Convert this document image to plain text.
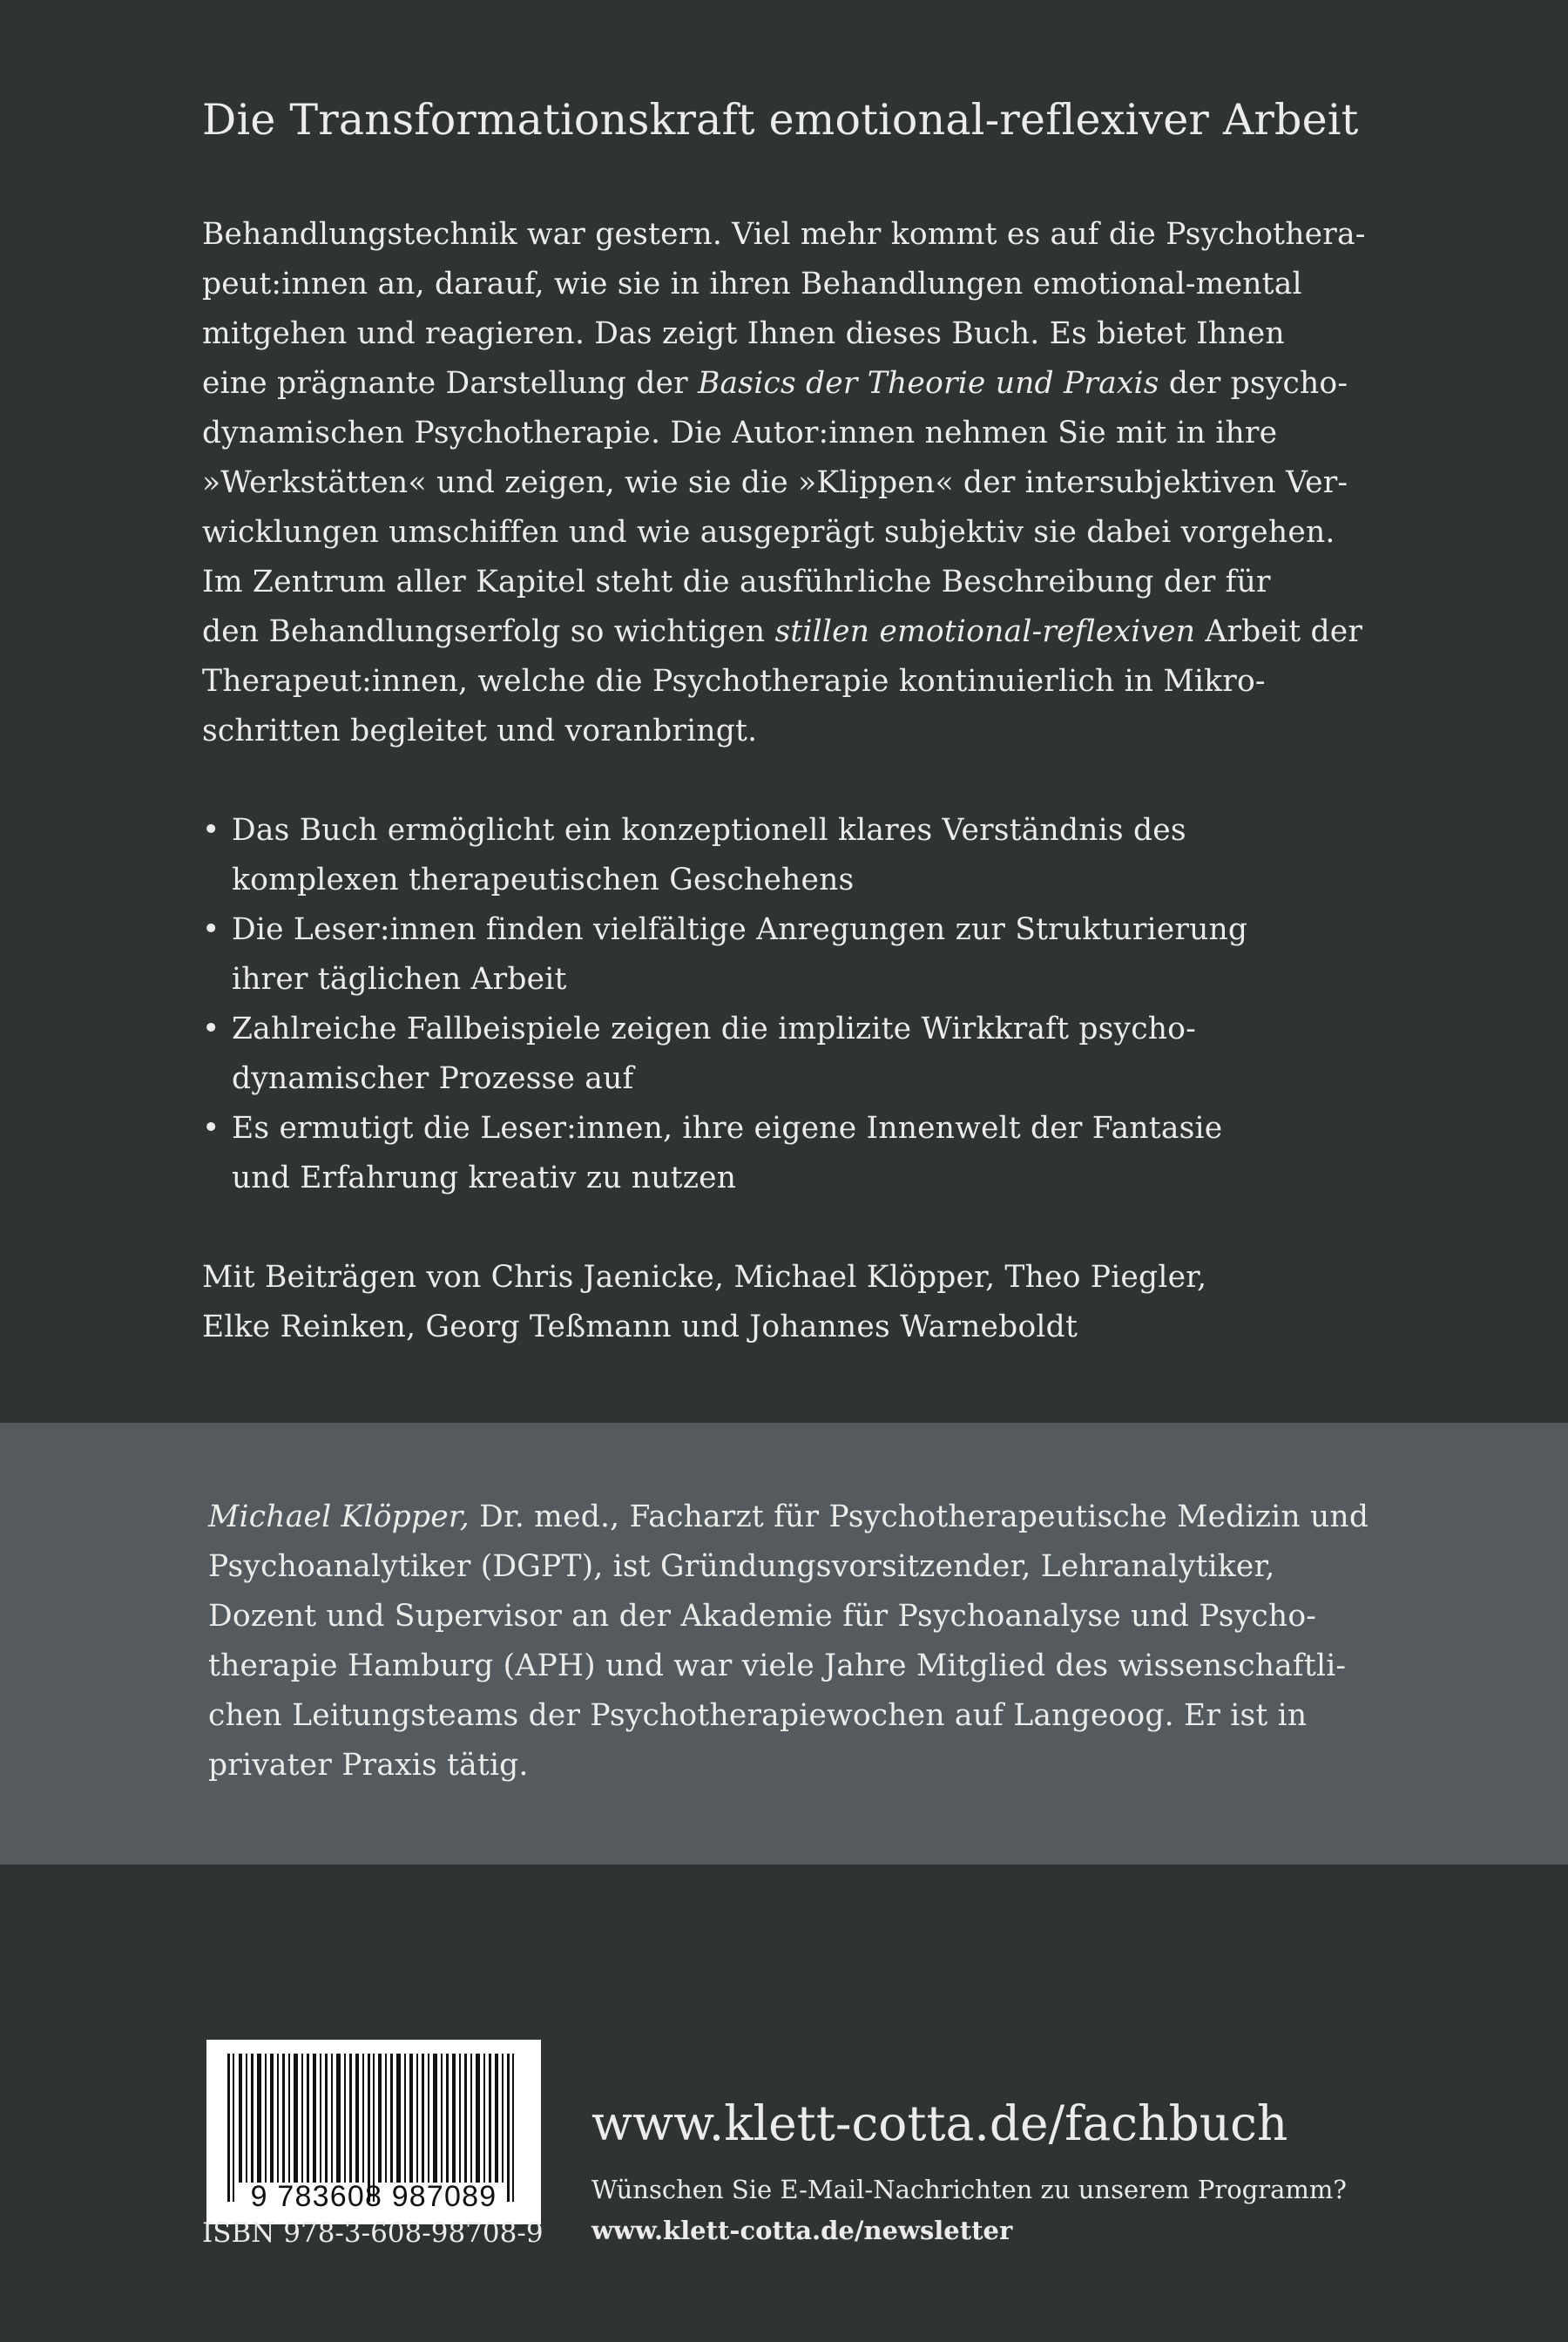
Die Transformationskraft emotional-reflexiver Arbeit

Behandlungstechnik war gestern. Viel mehr kommt es auf die Psychothera-
peut:innen an, darauf, wie sie in ihren Behandlungen emotional-mental
mitgehen und reagieren. Das zeigt Ihnen dieses Buch. Es bietet Ihnen
eine prägnante Darstellung der Basics der Theorie und Praxis der psycho-
dynamischen Psychotherapie. Die Autor:innen nehmen Sie mit in ihre
»Werkstätten« und zeigen, wie sie die »Klippen« der intersubjektiven Ver-
wicklungen umschiffen und wie ausgeprägt subjektiv sie dabei vorgehen.
Im Zentrum aller Kapitel steht die ausführliche Beschreibung der für
den Behandlungserfolg so wichtigen stillen emotional-reflexiven Arbeit der
Therapeut:innen, welche die Psychotherapie kontinuierlich in Mikro-
schritten begleitet und voranbringt.

• Das Buch ermöglicht ein konzeptionell klares Verständnis des
komplexen therapeutischen Geschehens
• Die Leser:innen finden vielfältige Anregungen zur Strukturierung
ihrer täglichen Arbeit
• Zahlreiche Fallbeispiele zeigen die implizite Wirkkraft psycho-
dynamischer Prozesse auf
• Es ermutigt die Leser:innen, ihre eigene Innenwelt der Fantasie
und Erfahrung kreativ zu nutzen
Mit Beiträgen von Chris Jaenicke, Michael Klöpper, Theo Piegler,
Elke Reinken, Georg Teßmann und Johannes Warneboldt
Michael Klöpper, Dr. med., Facharzt für Psychotherapeutische Medizin und
Psychoanalytiker (DGPT), ist Gründungsvorsitzender, Lehranalytiker,
Dozent und Supervisor an der Akademie für Psychoanalyse und Psycho-
therapie Hamburg (APH) und war viele Jahre Mitglied des wissenschaftli-
chen Leitungsteams der Psychotherapiewochen auf Langeoog. Er ist in
privater Praxis tätig.
9 783608 987089
ISBN 978-3-608-98708-9
www.klett-cotta.de/fachbuch
Wünschen Sie E-Mail-Nachrichten zu unserem Programm?
www.klett-cotta.de/newsletter
